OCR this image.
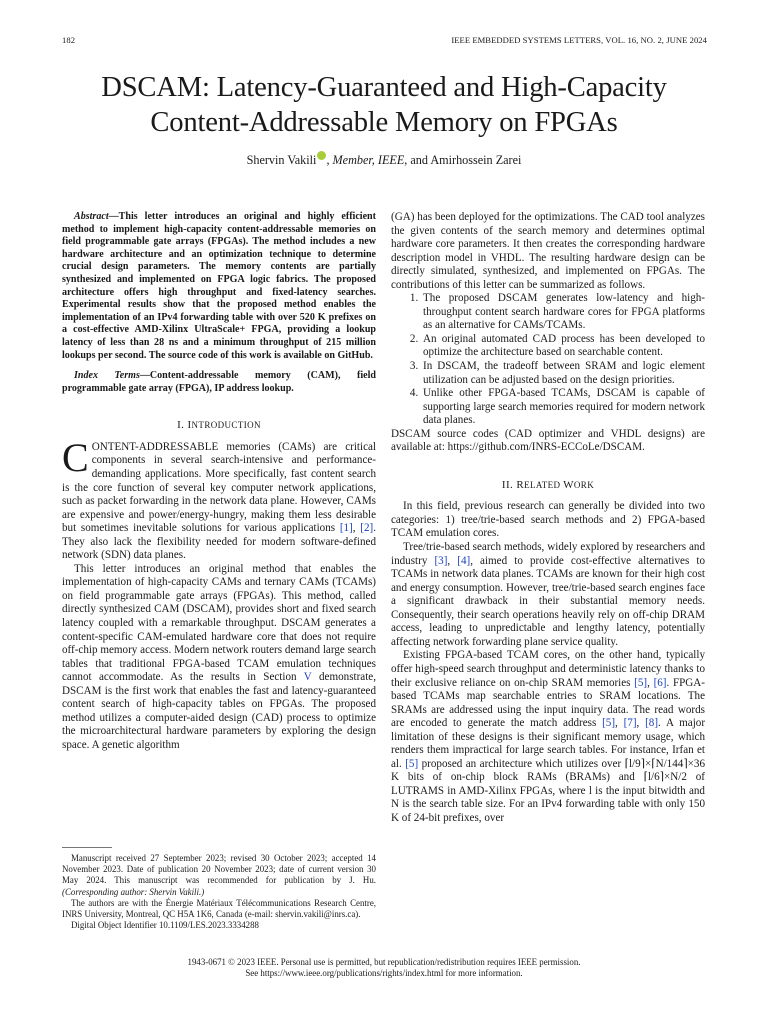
182	IEEE EMBEDDED SYSTEMS LETTERS, VOL. 16, NO. 2, JUNE 2024
DSCAM: Latency-Guaranteed and High-Capacity
Content-Addressable Memory on FPGAs
Shervin Vakili , Member, IEEE, and Amirhossein Zarei

Abstract—This letter introduces an original and highly efficient method to implement high-capacity content-addressable memories on field programmable gate arrays (FPGAs). The method includes a new hardware architecture and an optimization technique to determine crucial design parameters. The memory contents are partially synthesized and implemented on FPGA logic fabrics. The proposed architecture offers high throughput and fixed-latency searches. Experimental results show that the proposed method enables the implementation of an IPv4 forwarding table with over 520 K prefixes on a cost-effective AMD-Xilinx UltraScale+ FPGA, providing a lookup latency of less than 28 ns and a minimum throughput of 215 million lookups per second. The source code of this work is available on GitHub.

Index Terms—Content-addressable memory (CAM), field programmable gate array (FPGA), IP address lookup.

I. INTRODUCTION

CONTENT-ADDRESSABLE memories (CAMs) are critical components in several search-intensive and performance-demanding applications. More specifically, fast content search is the core function of several key computer network applications, such as packet forwarding in the network data plane. However, CAMs are expensive and power/energy-hungry, making them less desirable but sometimes inevitable solutions for various applications [1], [2]. They also lack the flexibility needed for modern software-defined network (SDN) data planes.

This letter introduces an original method that enables the implementation of high-capacity CAMs and ternary CAMs (TCAMs) on field programmable gate arrays (FPGAs). This method, called directly synthesized CAM (DSCAM), provides short and fixed search latency coupled with a remarkable throughput. DSCAM generates a content-specific CAM-emulated hardware core that does not require off-chip memory access. Modern network routers demand large search tables that traditional FPGA-based TCAM emulation techniques cannot accommodate. As the results in Section V demonstrate, DSCAM is the first work that enables the fast and latency-guaranteed content search of high-capacity tables on FPGAs. The proposed method utilizes a computer-aided design (CAD) process to optimize the microarchitectural hardware parameters by exploring the design space. A genetic algorithm

Manuscript received 27 September 2023; revised 30 October 2023; accepted 14 November 2023. Date of publication 20 November 2023; date of current version 30 May 2024. This manuscript was recommended for publication by J. Hu. (Corresponding author: Shervin Vakili.)

The authors are with the Énergie Matériaux Télécommunications Research Centre, INRS University, Montreal, QC H5A 1K6, Canada (e-mail: shervin.vakili@inrs.ca).

Digital Object Identifier 10.1109/LES.2023.3334288

(GA) has been deployed for the optimizations. The CAD tool analyzes the given contents of the search memory and determines optimal hardware core parameters. It then creates the corresponding hardware description model in VHDL. The resulting hardware design can be directly simulated, synthesized, and implemented on FPGAs. The contributions of this letter can be summarized as follows.

1. The proposed DSCAM generates low-latency and high-throughput content search hardware cores for FPGA platforms as an alternative for CAMs/TCAMs.
2. An original automated CAD process has been developed to optimize the architecture based on searchable content.
3. In DSCAM, the tradeoff between SRAM and logic element utilization can be adjusted based on the design priorities.
4. Unlike other FPGA-based TCAMs, DSCAM is capable of supporting large search memories required for modern network data planes.

DSCAM source codes (CAD optimizer and VHDL designs) are available at: https://github.com/INRS-ECCoLe/DSCAM.

II. RELATED WORK

In this field, previous research can generally be divided into two categories: 1) tree/trie-based search methods and 2) FPGA-based TCAM emulation cores.

Tree/trie-based search methods, widely explored by researchers and industry [3], [4], aimed to provide cost-effective alternatives to TCAMs in network data planes. TCAMs are known for their high cost and energy consumption. However, tree/trie-based search engines face a significant drawback in their substantial memory needs. Consequently, their search operations heavily rely on off-chip DRAM access, leading to unpredictable and lengthy latency, potentially affecting network forwarding plane service quality.

Existing FPGA-based TCAM cores, on the other hand, typically offer high-speed search throughput and deterministic latency thanks to their exclusive reliance on on-chip SRAM memories [5], [6]. FPGA-based TCAMs map searchable entries to SRAM locations. The SRAMs are addressed using the input inquiry data. The read words are encoded to generate the match address [5], [7], [8]. A major limitation of these designs is their significant memory usage, which renders them impractical for large search tables. For instance, Irfan et al. [5] proposed an architecture which utilizes over ⌈l/9⌉×⌈N/144⌉×36 K bits of on-chip block RAMs (BRAMs) and ⌈l/6⌉×N/2 of LUTRAMS in AMD-Xilinx FPGAs, where l is the input bitwidth and N is the search table size. For an IPv4 forwarding table with only 150 K of 24-bit prefixes, over

1943-0671 © 2023 IEEE. Personal use is permitted, but republication/redistribution requires IEEE permission.
See https://www.ieee.org/publications/rights/index.html for more information.
